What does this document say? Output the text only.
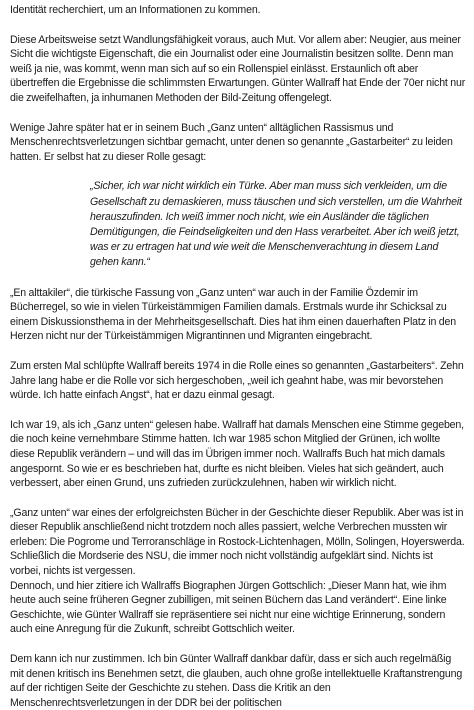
Identität recherchiert, um an Informationen zu kommen.

Diese Arbeitsweise setzt Wandlungsfähigkeit voraus, auch Mut. Vor allem aber: Neugier, aus meiner Sicht die wichtigste Eigenschaft, die ein Journalist oder eine Journalistin besitzen sollte. Denn man weiß ja nie, was kommt, wenn man sich auf so ein Rollenspiel einlässt. Erstaunlich oft aber übertreffen die Ergebnisse die schlimmsten Erwartungen. Günter Wallraff hat Ende der 70er nicht nur die zweifelhaften, ja inhumanen Methoden der Bild-Zeitung offengelegt.

Wenige Jahre später hat er in seinem Buch „Ganz unten“ alltäglichen Rassismus und Menschenrechtsverletzungen sichtbar gemacht, unter denen so genannte „Gastarbeiter“ zu leiden hatten. Er selbst hat zu dieser Rolle gesagt:

„Sicher, ich war nicht wirklich ein Türke. Aber man muss sich verkleiden, um die Gesellschaft zu demaskieren, muss täuschen und sich verstellen, um die Wahrheit herauszufinden. Ich weiß immer noch nicht, wie ein Ausländer die täglichen Demütigungen, die Feindseligkeiten und den Hass verarbeitet. Aber ich weiß jetzt, was er zu ertragen hat und wie weit die Menschenverachtung in diesem Land gehen kann.“

„En alttakiler“, die türkische Fassung von „Ganz unten“ war auch in der Familie Özdemir im Bücherregel, so wie in vielen Türkeistämmigen Familien damals. Erstmals wurde ihr Schicksal zu einem Diskussionsthema in der Mehrheitsgesellschaft. Dies hat ihm einen dauerhaften Platz in den Herzen nicht nur der Türkeistämmigen Migrantinnen und Migranten eingebracht.

Zum ersten Mal schlüpfte Wallraff bereits 1974 in die Rolle eines so genannten „Gastarbeiters“. Zehn Jahre lang habe er die Rolle vor sich hergeschoben, „weil ich geahnt habe, was mir bevorstehen würde. Ich hatte einfach Angst“, hat er dazu einmal gesagt.

Ich war 19, als ich „Ganz unten“ gelesen habe. Wallraff hat damals Menschen eine Stimme gegeben, die noch keine vernehmbare Stimme hatten. Ich war 1985 schon Mitglied der Grünen, ich wollte diese Republik verändern – und will das im Übrigen immer noch. Wallraffs Buch hat mich damals angespornt. So wie er es beschrieben hat, durfte es nicht bleiben. Vieles hat sich geändert, auch verbessert, aber einen Grund, uns zufrieden zurückzulehnen, haben wir wirklich nicht.

„Ganz unten“ war eines der erfolgreichsten Bücher in der Geschichte dieser Republik. Aber was ist in dieser Republik anschließend nicht trotzdem noch alles passiert, welche Verbrechen mussten wir erleben: Die Pogrome und Terroranschläge in Rostock-Lichtenhagen, Mölln, Solingen, Hoyerswerda. Schließlich die Mordserie des NSU, die immer noch nicht vollständig aufgeklärt sind. Nichts ist vorbei, nichts ist vergessen.

Dennoch, und hier zitiere ich Wallraffs Biographen Jürgen Gottschlich: „Dieser Mann hat, wie ihm heute auch seine früheren Gegner zubilligen, mit seinen Büchern das Land verändert“. Eine linke Geschichte, wie Günter Wallraff sie repräsentiere sei nicht nur eine wichtige Erinnerung, sondern auch eine Anregung für die Zukunft, schreibt Gottschlich weiter.

Dem kann ich nur zustimmen. Ich bin Günter Wallraff dankbar dafür, dass er sich auch regelmäßig mit denen kritisch ins Benehmen setzt, die glauben, auch ohne große intellektuelle Kraftanstrengung auf der richtigen Seite der Geschichte zu stehen. Dass die Kritik an den Menschenrechtsverletzungen in der DDR bei der politischen
